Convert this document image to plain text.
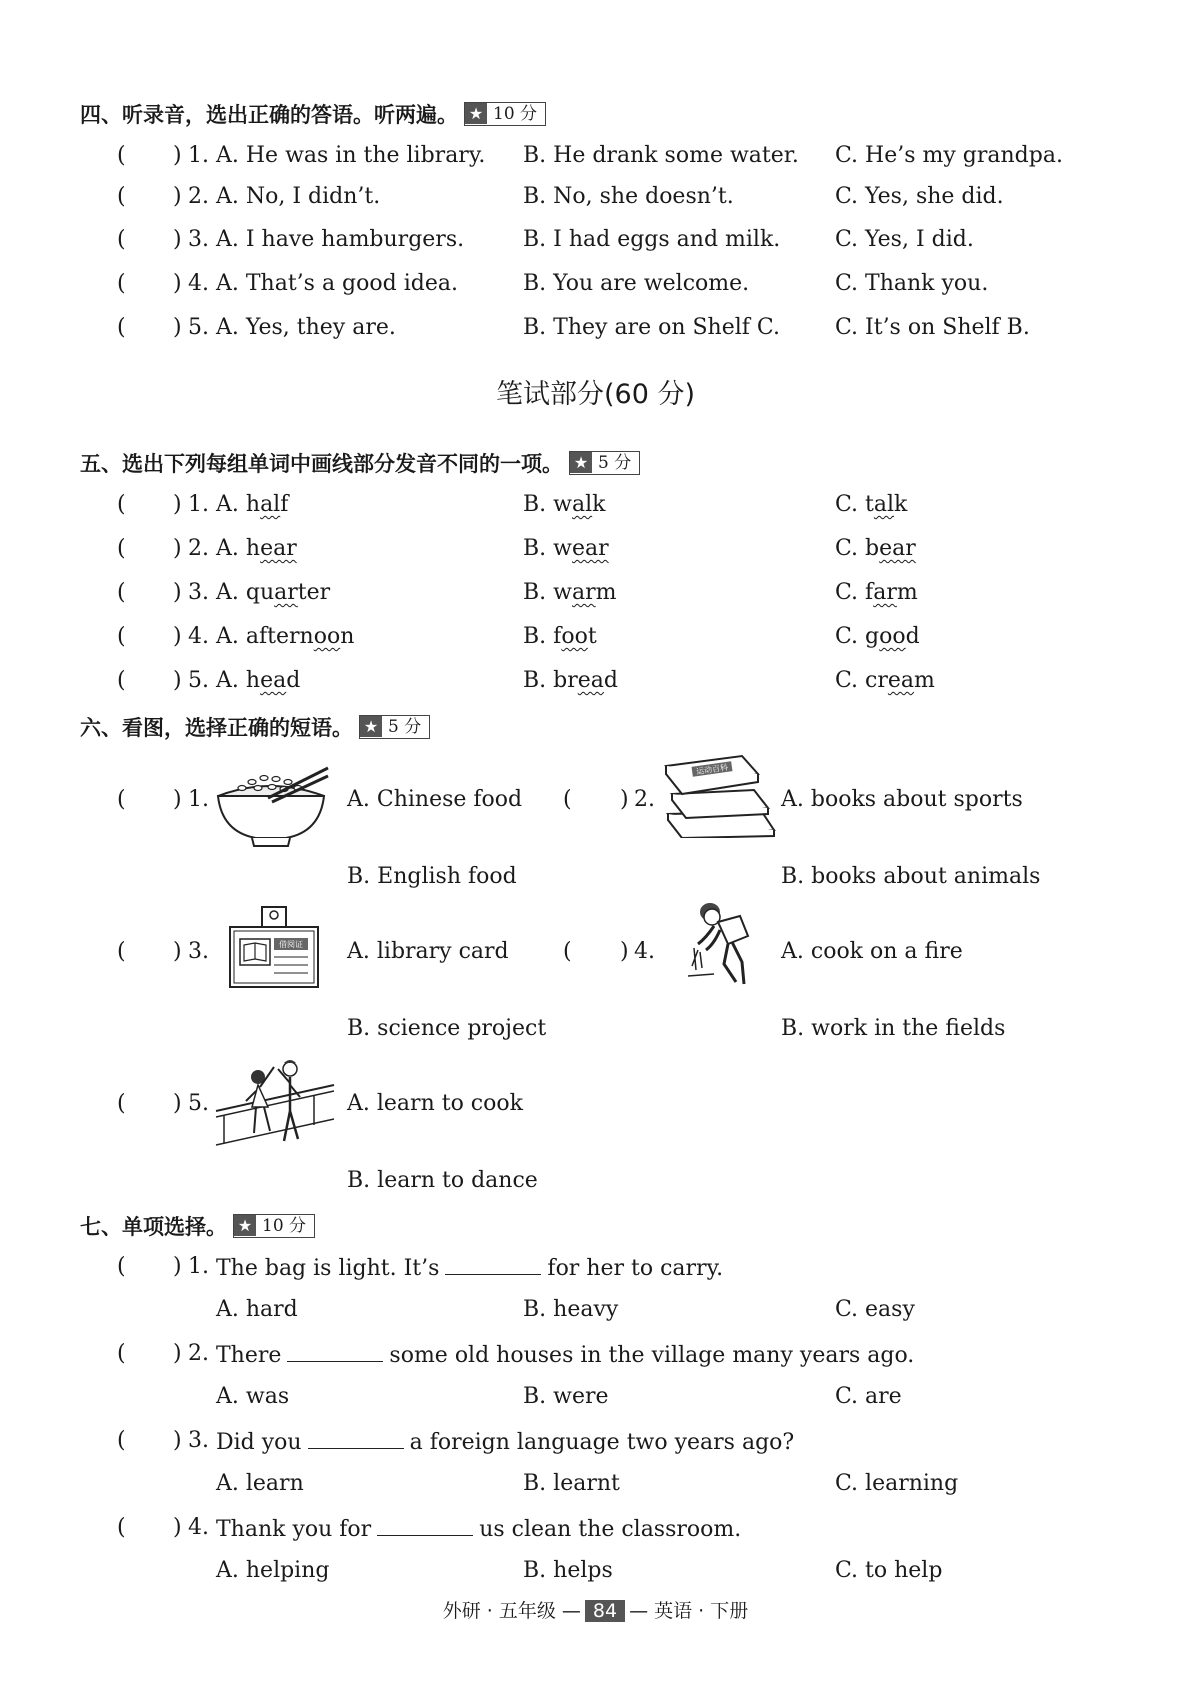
四、听录音，选出正确的答语。听两遍。 ★ 10 分
( ) 1. A. He was in the library. B. He drank some water. C. He’s my grandpa.
( ) 2. A. No, I didn’t.	B. No, she doesn’t.	C. Yes, she did.
( ) 3. A. I have hamburgers.	B. I had eggs and milk. C. Yes, I did.
( ) 4. A. That’s a good idea.	B. You are welcome.	C. Thank you.
( ) 5. A. Yes, they are.	B. They are on Shelf C.	C. It’s on Shelf B.
笔试部分(60 分)
五、选出下列每组单词中画线部分发音不同的一项。 ★ 5 分
( ) 1. A. half	B. walk	C. talk
( ) 2. A. hear	B. wear	C. bear
( ) 3. A. quarter	B. warm	C. farm
( ) 4. A. afternoon	B. foot	C. good
( ) 5. A. head	B. bread	C. cream
六、看图，选择正确的短语。 ★ 5 分
( ) 1.	A. Chinese food
B. English food
( ) 2.	A. books about sports
运动百科
B. books about animals
( ) 3.	A. library card
借阅证
B. science project
( ) 4.	A. cook on a fire
B. work in the fields
( ) 5.	A. learn to cook
B. learn to dance
七、单项选择。 ★ 10 分
( ) 1. The bag is light. It’s	for her to carry.
A. hard	B. heavy	C. easy
( ) 2. There	some old houses in the village many years ago.
A. was	B. were	C. are
( ) 3. Did you	a foreign language two years ago?
A. learn	B. learnt	C. learning
( ) 4. Thank you for	us clean the classroom.
A. helping	B. helps	C. to help
外研 · 五年级 — 84 — 英语 · 下册
